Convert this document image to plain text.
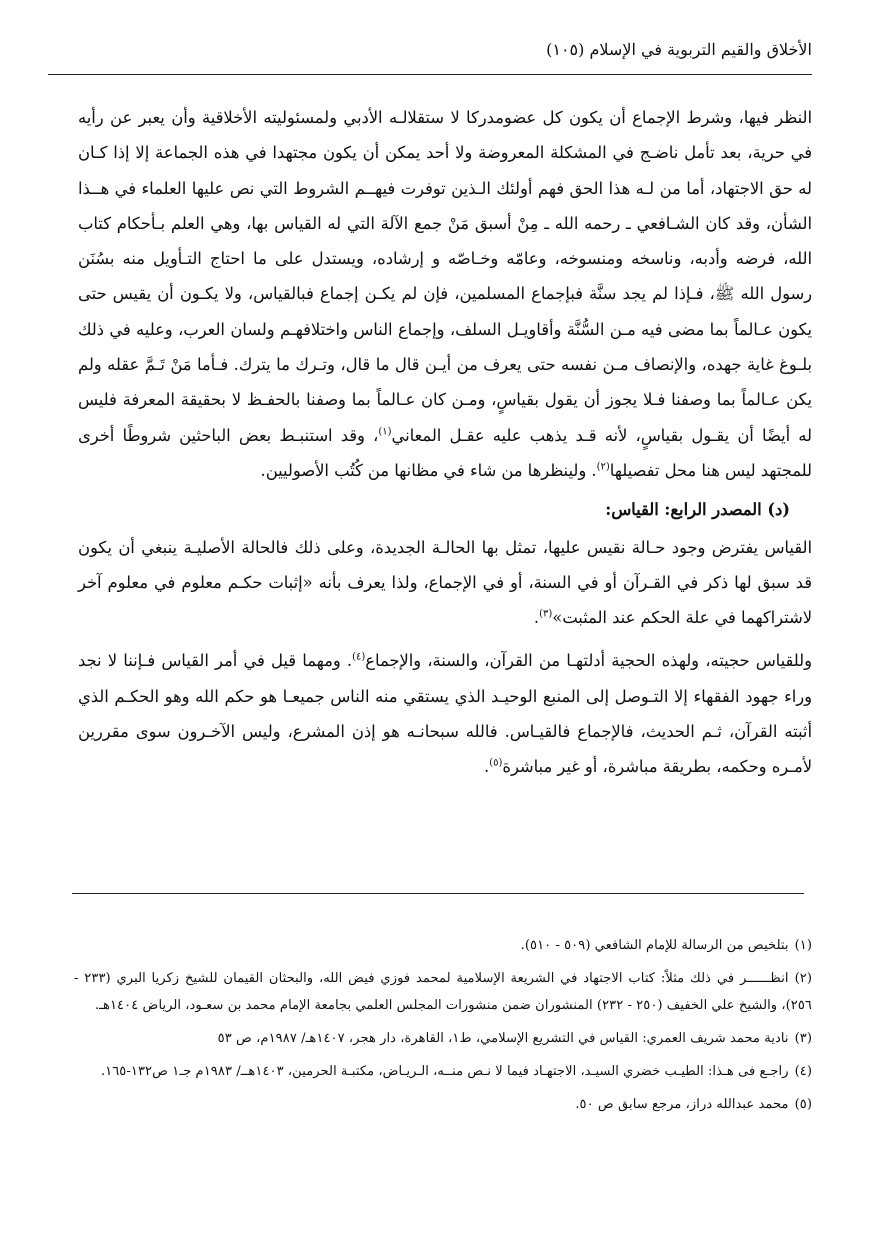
الأخلاق والقيم التربوية في الإسلام (١٠٥)

النظر فيها، وشرط الإجماع أن يكون كل عضومدركا لا ستقلالـه الأدبي ولمسئوليته الأخلاقية وأن يعبر عن رأيه في حرية، بعد تأمل ناضـج في المشكلة المعروضة ولا أحد يمكن أن يكون مجتهدا في هذه الجماعة إلا إذا كـان له حق الاجتهاد، أما من لـه هذا الحق فهم أولئك الـذين توفرت فيهــم الشروط التي نص عليها العلماء في هــذا الشأن، وقد كان الشـافعي ـ رحمه الله ـ مِنْ أسبق مَنْ جمع الآلة التي له القياس بها، وهي العلم بـأحكام كتاب الله، فرضه وأدبه، وناسخه ومنسوخه، وعامّه وخـاصّه و إرشاده، ويستدل على ما احتاج التـأويل منه بسُنَن رسول الله ﷺ، فـإذا لم يجد سنَّة فبإجماع المسلمين، فإن لم يكـن إجماع فبالقياس، ولا يكـون أن يقيس حتى يكون عـالماً بما مضى فيه مـن السُّنَّة وأقاويـل السلف، وإجماع الناس واختلافهـم ولسان العرب، وعليه في ذلك بلـوغ غاية جهده، والإنصاف مـن نفسه حتى يعرف من أيـن قال ما قال، وتـرك ما يترك. فـأما مَنْ تَـمَّ عقله ولم يكن عـالماً بما وصفنا فـلا يجوز أن يقول بقياسٍ، ومـن كان عـالماً بما وصفنا بالحفـظ لا بحقيقة المعرفة فليس له أيضًا أن يقـول بقياسٍ، لأنه قـد يذهب عليه عقـل المعاني$^{(١)}$، وقد استنبـط بعض الباحثين شروطًا أخرى للمجتهد ليس هنا محل تفصيلها$^{(٢)}$. ولينظرها من شاء في مظانها من كُتُب الأصوليين.

(د) المصدر الرابع: القياس:

القياس يفترض وجود حـالة نقيس عليها، تمثل بها الحالـة الجديدة، وعلى ذلك فالحالة الأصليـة ينبغي أن يكون قد سبق لها ذكر في القـرآن أو في السنة، أو في الإجماع، ولذا يعرف بأنه «إثبات حكـم معلوم في معلوم آخر لاشتراكهما في علة الحكم عند المثبت»$^{(٣)}$.

وللقياس حجيته، ولهذه الحجية أدلتهـا من القرآن، والسنة، والإجماع$^{(٤)}$. ومهما قيل في أمر القياس فـإننا لا نجد وراء جهود الفقهاء إلا التـوصل إلى المنبع الوحيـد الذي يستقي منه الناس جميعـا هو حكم الله وهو الحكـم الذي أثبته القرآن، ثـم الحديث، فالإجماع فالقيـاس. فالله سبحانـه هو إذن المشرع، وليس الآخـرون سوى مقررين لأمـره وحكمه، بطريقة مباشرة، أو غير مباشرة$^{(٥)}$.

(١)بتلخيص من الرسالة للإمام الشافعي (٥٠٩ - ٥١٠).

(٢)انظــــــر في ذلك مثلاً: كتاب الاجتهاد في الشريعة الإسلامية لمحمد فوزي فيض الله، والبحثان القيمان للشيخ زكريا البري (٢٣٣ - ٢٥٦)، والشيخ علي الخفيف (٢٥٠ - ٢٣٢) المنشوران ضمن منشورات المجلس العلمي بجامعة الإمام محمد بن سعـود، الرياض ١٤٠٤هـ.

(٣)نادية محمد شريف العمري: القياس في التشريع الإسلامي، ط١، القاهرة، دار هجر، ١٤٠٧هـ/ ١٩٨٧م، ص ٥٣

(٤)راجـع فى هـذا: الطيـب خضري السيـد، الاجتهـاد فيما لا نـص منــه، الـريـاض، مكتبـة الحرمين، ١٤٠٣هــ/ ١٩٨٣م جـ١ ص١٣٢-١٦٥.

(٥)محمد عبدالله دراز، مرجع سابق ص ٥٠.
